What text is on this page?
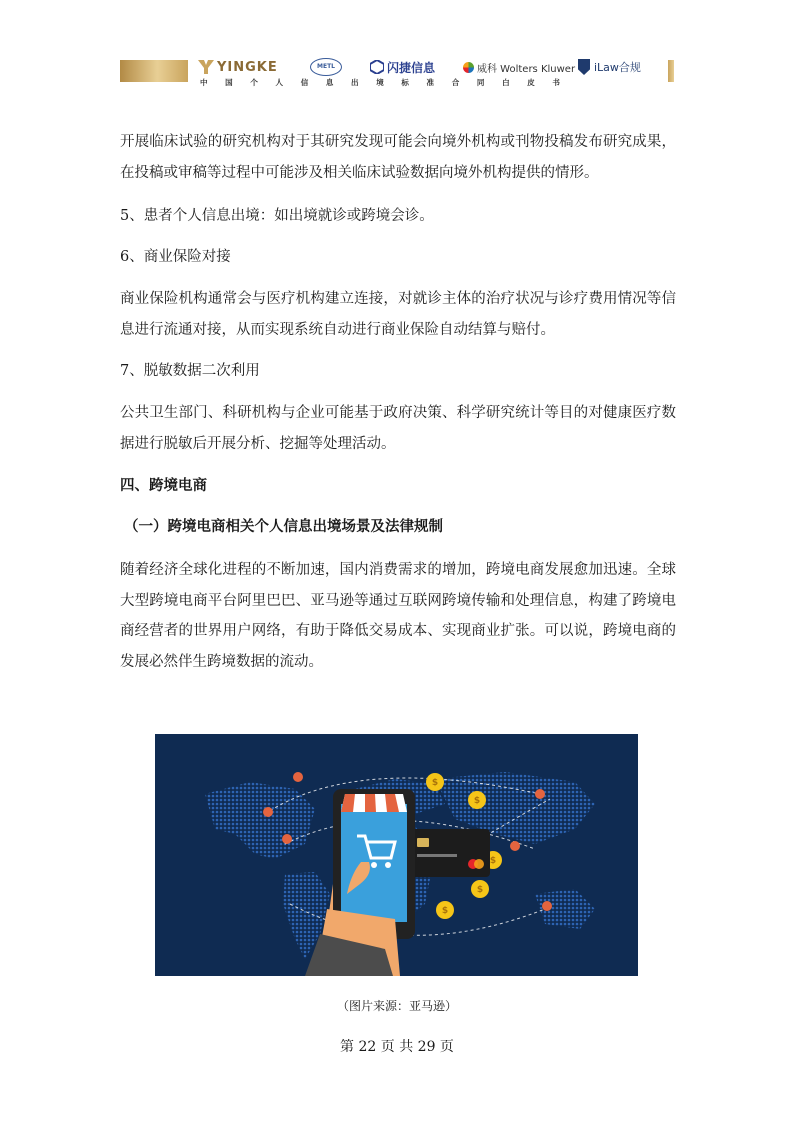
YINGKE	METL	闪捷信息	威科 Wolters Kluwer iLaw合规
中 国 个 人 信 息 出 境 标 准 合 同 白 皮 书
开展临床试验的研究机构对于其研究发现可能会向境外机构或刊物投稿发布研究成果，在投稿或审稿等过程中可能涉及相关临床试验数据向境外机构提供的情形。
5、患者个人信息出境：如出境就诊或跨境会诊。
6、商业保险对接
商业保险机构通常会与医疗机构建立连接，对就诊主体的治疗状况与诊疗费用情况等信息进行流通对接，从而实现系统自动进行商业保险自动结算与赔付。
7、脱敏数据二次利用
公共卫生部门、科研机构与企业可能基于政府决策、科学研究统计等目的对健康医疗数据进行脱敏后开展分析、挖掘等处理活动。
四、跨境电商
（一）跨境电商相关个人信息出境场景及法律规制
随着经济全球化进程的不断加速，国内消费需求的增加，跨境电商发展愈加迅速。全球大型跨境电商平台阿里巴巴、亚马逊等通过互联网跨境传输和处理信息，构建了跨境电商经营者的世界用户网络，有助于降低交易成本、实现商业扩张。可以说，跨境电商的发展必然伴生跨境数据的流动。
$
$
$
$
$
（图片来源：亚马逊）
第 22 页 共 29 页
